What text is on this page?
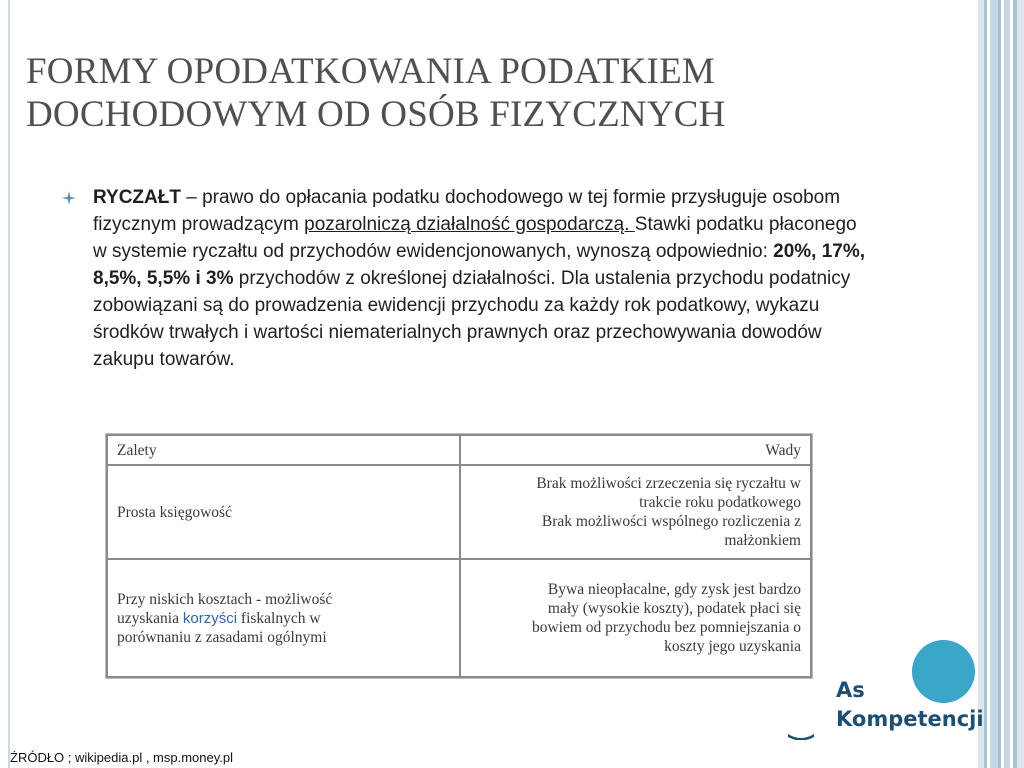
FORMY OPODATKOWANIA PODATKIEM
DOCHODOWYM OD OSÓB FIZYCZNYCH

RYCZAŁT – prawo do opłacania podatku dochodowego w tej formie przysługuje osobom fizycznym prowadzącym pozarolniczą działalność gospodarczą. Stawki podatku płaconego w systemie ryczałtu od przychodów ewidencjonowanych, wynoszą odpowiednio: 20%, 17%, 8,5%, 5,5% i 3% przychodów z określonej działalności. Dla ustalenia przychodu podatnicy zobowiązani są do prowadzenia ewidencji przychodu za każdy rok podatkowy, wykazu środków trwałych i wartości niematerialnych prawnych oraz przechowywania dowodów zakupu towarów.

Zalety	Wady
Prosta księgowość	Brak możliwości zrzeczenia się ryczałtu w
trakcie roku podatkowego
Brak możliwości wspólnego rozliczenia z
małżonkiem

Przy niskich kosztach - możliwość
uzyskania korzyści fiskalnych w
porównaniu z zasadami ogólnymi	Bywa nieopłacalne, gdy zysk jest bardzo
mały (wysokie koszty), podatek płaci się
bowiem od przychodu bez pomniejszania o
koszty jego uzyskania
As
Kompetencji
ŹRÓDŁO ; wikipedia.pl , msp.money.pl
